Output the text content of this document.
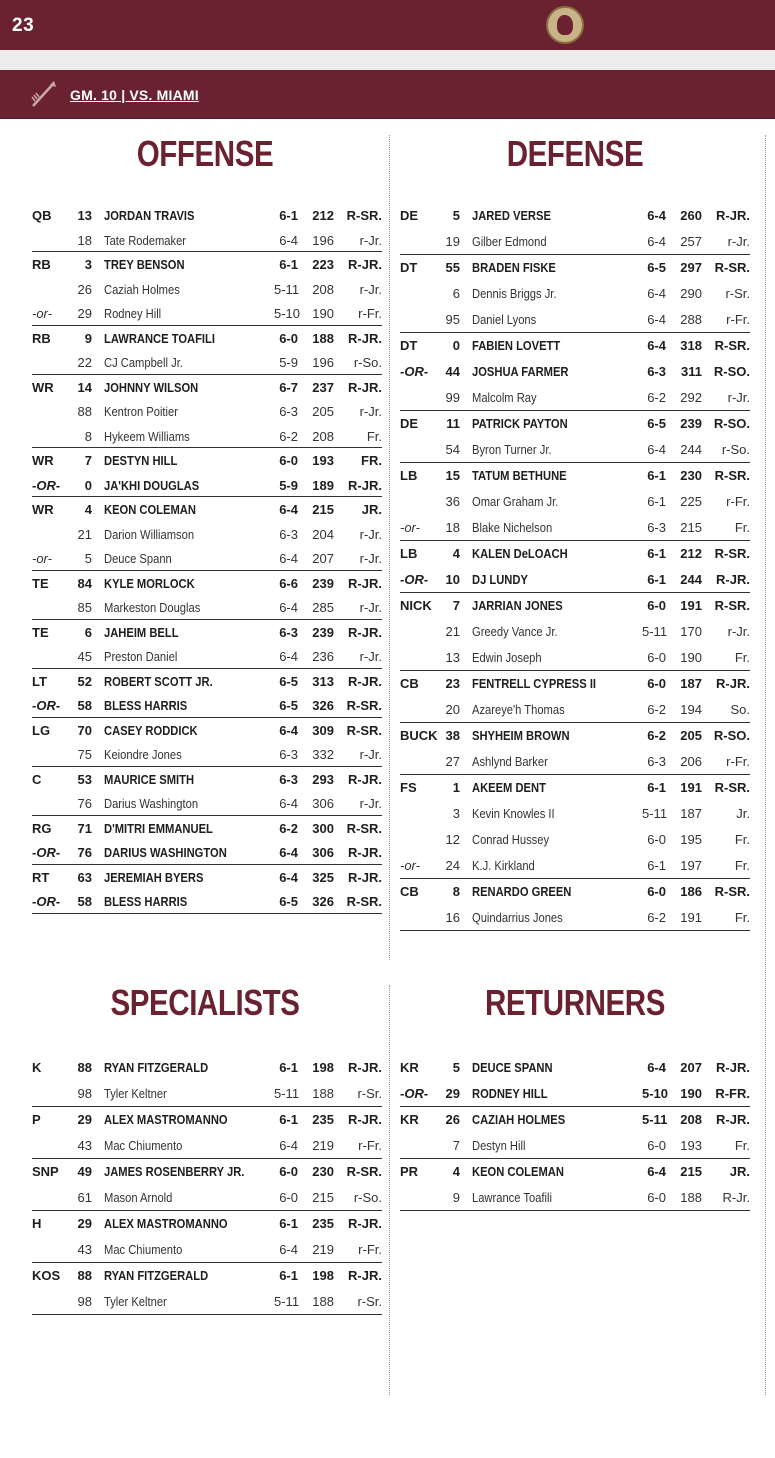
23
GM. 10 | VS. MIAMI
OFFENSE	DEFENSE
SPECIALISTS	RETURNERS
QB	13 JORDAN TRAVIS	6-1 212 R-SR.
18 Tate Rodemaker	6-4 196 r-Jr.
RB	3 TREY BENSON	6-1 223 R-JR.
26 Caziah Holmes	5-11 208 r-Jr.
-or-	29 Rodney Hill	5-10 190 r-Fr.
RB	9 LAWRANCE TOAFILI	6-0 188 R-JR.
22 CJ Campbell Jr.	5-9 196 r-So.
WR	14 JOHNNY WILSON	6-7 237 R-JR.
88 Kentron Poitier	6-3 205 r-Jr.
8 Hykeem Williams	6-2 208	Fr.
WR	7 DESTYN HILL	6-0 193 FR.
-OR-	0 JA'KHI DOUGLAS	5-9 189 R-JR.
WR	4 KEON COLEMAN	6-4 215 JR.
21 Darion Williamson	6-3 204 r-Jr.
-or-	5 Deuce Spann	6-4 207 r-Jr.
TE	84 KYLE MORLOCK	6-6 239 R-JR.
85 Markeston Douglas	6-4 285 r-Jr.
TE	6 JAHEIM BELL	6-3 239 R-JR.
45 Preston Daniel	6-4 236 r-Jr.
LT	52 ROBERT SCOTT JR.	6-5 313 R-JR.
-OR-	58 BLESS HARRIS	6-5 326 R-SR.
LG	70 CASEY RODDICK	6-4 309 R-SR.
75 Keiondre Jones	6-3 332 r-Jr.
C	53 MAURICE SMITH	6-3 293 R-JR.
76 Darius Washington	6-4 306 r-Jr.
RG	71 D'MITRI EMMANUEL	6-2 300 R-SR.
-OR-	76 DARIUS WASHINGTON	6-4 306 R-JR.
RT	63 JEREMIAH BYERS	6-4 325 R-JR.
-OR-	58 BLESS HARRIS	6-5 326 R-SR.
DE	5 JARED VERSE	6-4 260 R-JR.
19 Gilber Edmond	6-4 257 r-Jr.
DT	55 BRADEN FISKE	6-5 297 R-SR.
6 Dennis Briggs Jr.	6-4 290 r-Sr.
95 Daniel Lyons	6-4 288 r-Fr.
DT	0 FABIEN LOVETT	6-4 318 R-SR.
-OR-	44 JOSHUA FARMER	6-3 311 R-SO.
99 Malcolm Ray	6-2 292 r-Jr.
DE	11 PATRICK PAYTON	6-5 239 R-SO.
54 Byron Turner Jr.	6-4 244 r-So.
LB	15 TATUM BETHUNE	6-1 230 R-SR.
36 Omar Graham Jr.	6-1 225 r-Fr.
-or-	18 Blake Nichelson	6-3 215	Fr.
LB	4 KALEN DeLOACH	6-1 212 R-SR.
-OR-	10 DJ LUNDY	6-1 244 R-JR.
NICK	7 JARRIAN JONES	6-0 191 R-SR.
21 Greedy Vance Jr.	5-11 170 r-Jr.
13 Edwin Joseph	6-0 190	Fr.
CB	23 FENTRELL CYPRESS II	6-0 187 R-JR.
20 Azareye'h Thomas	6-2 194 So.
BUCK 38 SHYHEIM BROWN	6-2 205 R-SO.
27 Ashlynd Barker	6-3 206 r-Fr.
FS	1 AKEEM DENT	6-1 191 R-SR.
3 Kevin Knowles II	5-11 187	Jr.
12 Conrad Hussey	6-0 195	Fr.
-or-	24 K.J. Kirkland	6-1 197	Fr.
CB	8 RENARDO GREEN	6-0 186 R-SR.
16 Quindarrius Jones	6-2 191	Fr.
K	88 RYAN FITZGERALD	6-1 198 R-JR.
98 Tyler Keltner	5-11 188 r-Sr.
P	29 ALEX MASTROMANNO	6-1 235 R-JR.
43 Mac Chiumento	6-4 219 r-Fr.
SNP	49 JAMES ROSENBERRY JR.	6-0 230 R-SR.
61 Mason Arnold	6-0 215 r-So.
H	29 ALEX MASTROMANNO	6-1 235 R-JR.
43 Mac Chiumento	6-4 219 r-Fr.
KOS	88 RYAN FITZGERALD	6-1 198 R-JR.
98 Tyler Keltner	5-11 188 r-Sr.
KR	5 DEUCE SPANN	6-4 207 R-JR.
-OR-	29 RODNEY HILL	5-10 190 R-FR.
KR	26 CAZIAH HOLMES	5-11 208 R-JR.
7 Destyn Hill	6-0 193	Fr.
PR	4 KEON COLEMAN	6-4 215 JR.
9 Lawrance Toafili	6-0 188 R-Jr.
